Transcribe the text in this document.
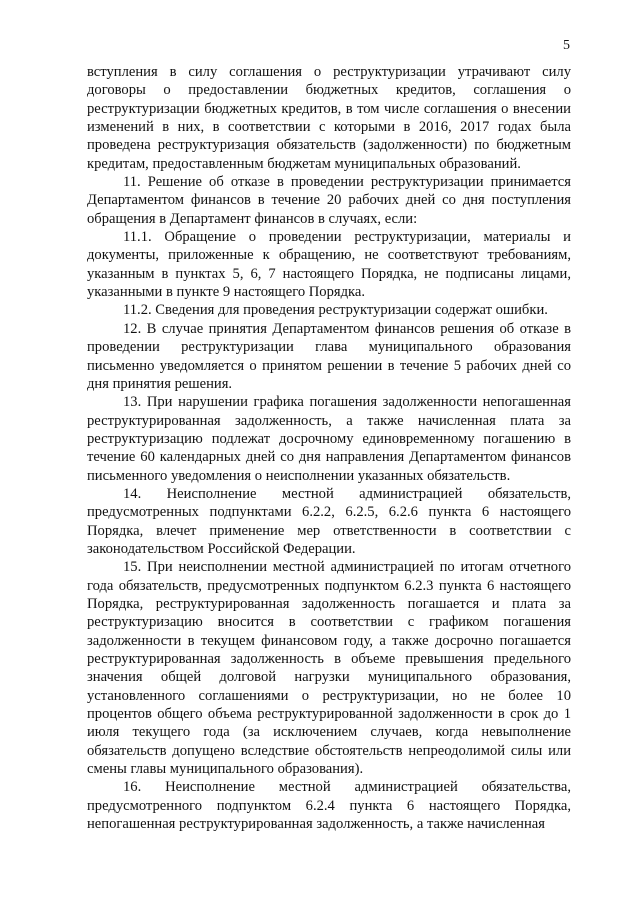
5

вступления в силу соглашения о реструктуризации утрачивают силу договоры о предоставлении бюджетных кредитов, соглашения о реструктуризации бюджетных кредитов, в том числе соглашения о внесении изменений в них, в соответствии с которыми в 2016, 2017 годах была проведена реструктуризация обязательств (задолженности) по бюджетным кредитам, предоставленным бюджетам муниципальных образований.

11. Решение об отказе в проведении реструктуризации принимается Департаментом финансов в течение 20 рабочих дней со дня поступления обращения в Департамент финансов в случаях, если:

11.1. Обращение о проведении реструктуризации, материалы и документы, приложенные к обращению, не соответствуют требованиям, указанным в пунктах 5, 6, 7 настоящего Порядка, не подписаны лицами, указанными в пункте 9 настоящего Порядка.

11.2. Сведения для проведения реструктуризации содержат ошибки.

12. В случае принятия Департаментом финансов решения об отказе в проведении реструктуризации глава муниципального образования письменно уведомляется о принятом решении в течение 5 рабочих дней со дня принятия решения.

13. При нарушении графика погашения задолженности непогашенная реструктурированная задолженность, а также начисленная плата за реструктуризацию подлежат досрочному единовременному погашению в течение 60 календарных дней со дня направления Департаментом финансов письменного уведомления о неисполнении указанных обязательств.

14. Неисполнение местной администрацией обязательств, предусмотренных подпунктами 6.2.2, 6.2.5, 6.2.6 пункта 6 настоящего Порядка, влечет применение мер ответственности в соответствии с законодательством Российской Федерации.

15. При неисполнении местной администрацией по итогам отчетного года обязательств, предусмотренных подпунктом 6.2.3 пункта 6 настоящего Порядка, реструктурированная задолженность погашается и плата за реструктуризацию вносится в соответствии с графиком погашения задолженности в текущем финансовом году, а также досрочно погашается реструктурированная задолженность в объеме превышения предельного значения общей долговой нагрузки муниципального образования, установленного соглашениями о реструктуризации, но не более 10 процентов общего объема реструктурированной задолженности в срок до 1 июля текущего года (за исключением случаев, когда невыполнение обязательств допущено вследствие обстоятельств непреодолимой силы или смены главы муниципального образования).

16. Неисполнение местной администрацией обязательства, предусмотренного подпунктом 6.2.4 пункта 6 настоящего Порядка, непогашенная реструктурированная задолженность, а также начисленная
